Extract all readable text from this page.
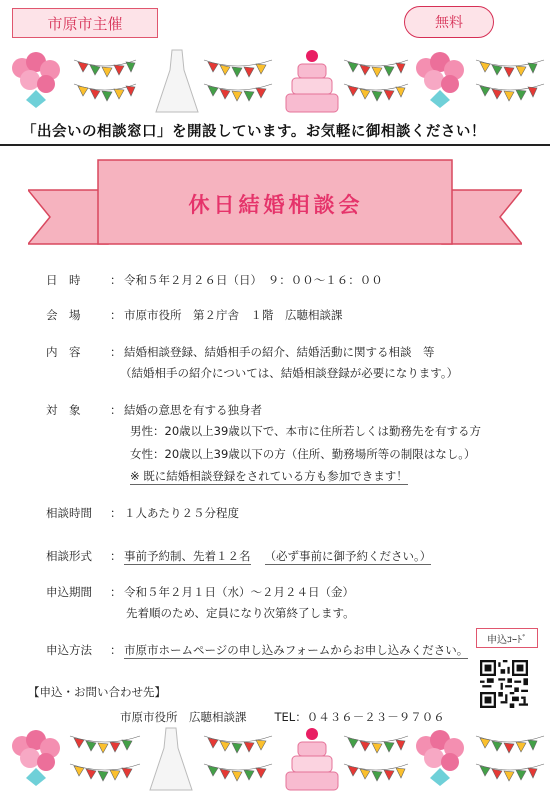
市原市主催	無料
「出会いの相談窓口」を開設しています。お気軽に御相談ください！
休日結婚相談会
日　時	： 令和５年２月２６日（日）　９：００～１６：００
会　場	： 市原市役所　第２庁舎　１階　広聴相談課
内　容	： 結婚相談登録、結婚相手の紹介、結婚活動に関する相談　等
（結婚相手の紹介については、結婚相談登録が必要になります。）
対　象	： 結婚の意思を有する独身者
男性：20歳以上39歳以下で、本市に住所若しくは勤務先を有する方
女性：20歳以上39歳以下の方（住所、勤務場所等の制限はなし。）
※ 既に結婚相談登録をされている方も参加できます！
相談時間 ： １人あたり２５分程度
相談形式 ： 事前予約制、先着１２名 （必ず事前に御予約ください。）
申込期間 ： 令和５年２月１日（水）～２月２４日（金）
先着順のため、定員になり次第終了します。
申込方法 ： 市原市ホームページの申し込みフォームからお申し込みください。
申込ｺｰﾄﾞ
【申込・お問い合わせ先】
市原市役所　広聴相談課 TEL：０４３６－２３－９７０６
